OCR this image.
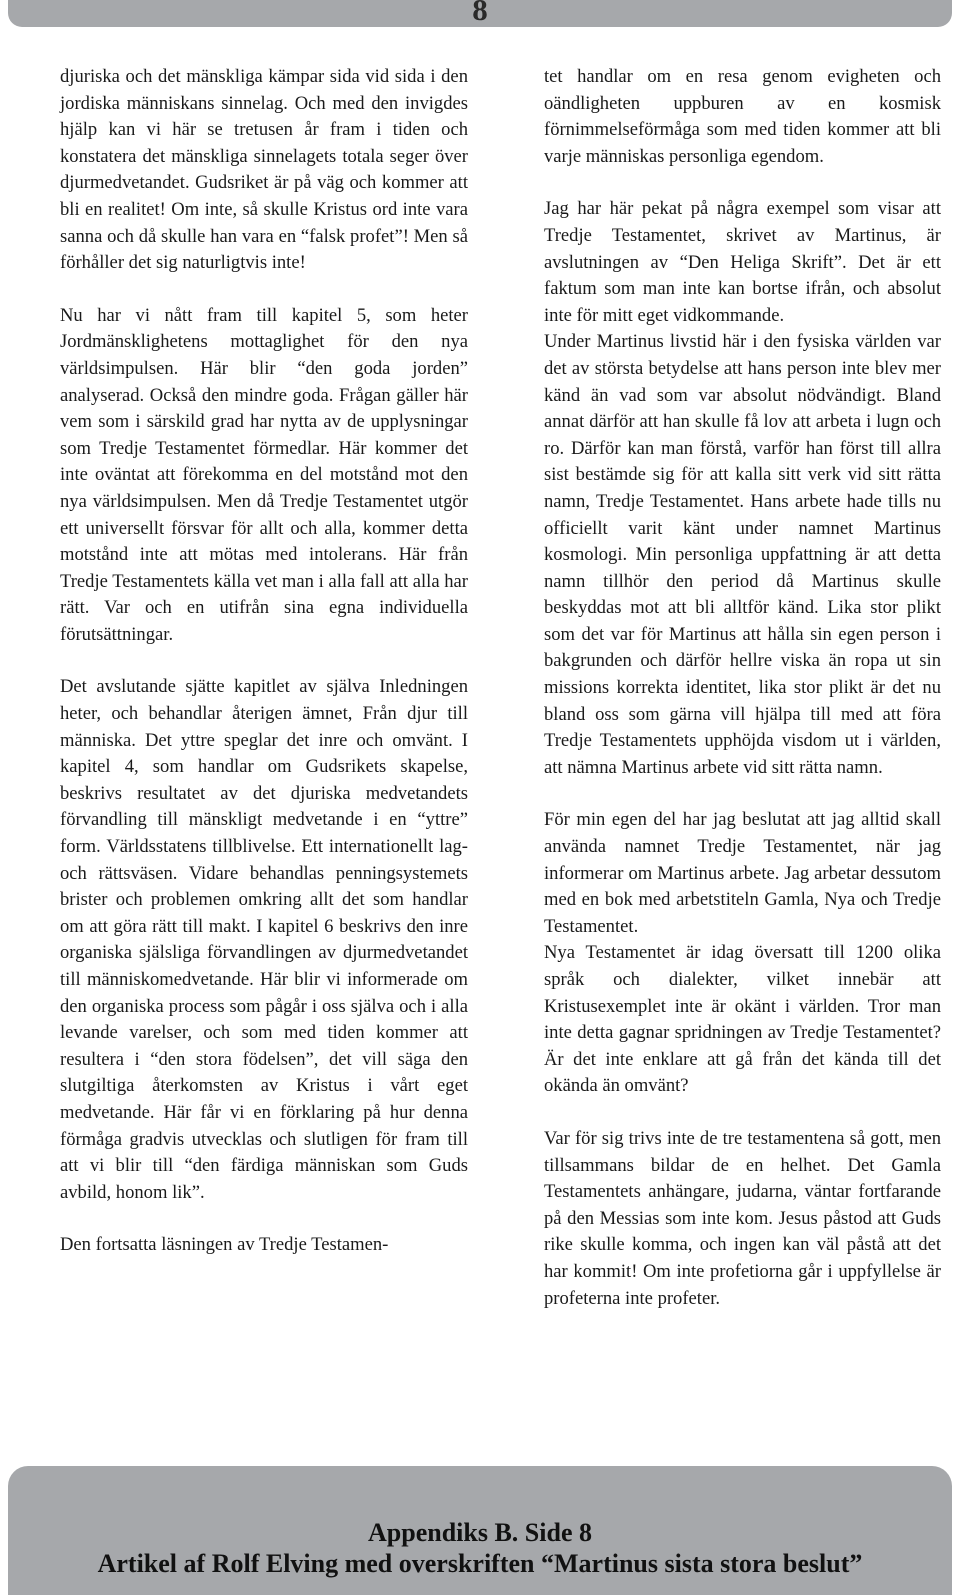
8

djuriska och det mänskliga kämpar sida vid sida i den jordiska människans sinnelag. Och med den invigdes hjälp kan vi här se tretusen år fram i tiden och konstatera det mänskliga sinnelagets totala seger över djurmedvetandet. Gudsriket är på väg och kommer att bli en realitet! Om inte, så skulle Kristus ord inte vara sanna och då skulle han vara en “falsk profet”! Men så förhåller det sig naturligtvis inte!

Nu har vi nått fram till kapitel 5, som heter Jordmänsklighetens mottaglighet för den nya världsimpulsen. Här blir “den goda jorden” analyserad. Också den mindre goda. Frågan gäller här vem som i särskild grad har nytta av de upplysningar som Tredje Testamentet förmedlar. Här kommer det inte oväntat att förekomma en del motstånd mot den nya världsimpulsen. Men då Tredje Testamentet utgör ett universellt försvar för allt och alla, kommer detta motstånd inte att mötas med intolerans. Här från Tredje Testamentets källa vet man i alla fall att alla har rätt. Var och en utifrån sina egna individuella förutsättningar.

Det avslutande sjätte kapitlet av själva Inledningen heter, och behandlar återigen ämnet, Från djur till människa. Det yttre speglar det inre och omvänt. I kapitel 4, som handlar om Gudsrikets skapelse, beskrivs resultatet av det djuriska medvetandets förvandling till mänskligt medvetande i en “yttre” form. Världsstatens tillblivelse. Ett internationellt lag- och rättsväsen. Vidare behandlas penningsystemets brister och problemen omkring allt det som handlar om att göra rätt till makt. I kapitel 6 beskrivs den inre organiska själsliga förvandlingen av djurmedvetandet till människomedvetande. Här blir vi informerade om den organiska process som pågår i oss själva och i alla levande varelser, och som med tiden kommer att resultera i “den stora födelsen”, det vill säga den slutgiltiga återkomsten av Kristus i vårt eget medvetande. Här får vi en förklaring på hur denna förmåga gradvis utvecklas och slutligen för fram till att vi blir till “den färdiga människan som Guds avbild, honom lik”.

Den fortsatta läsningen av Tredje Testamen-

tet handlar om en resa genom evigheten och oändligheten uppburen av en kosmisk förnimmelseförmåga som med tiden kommer att bli varje människas personliga egendom.

Jag har här pekat på några exempel som visar att Tredje Testamentet, skrivet av Martinus, är avslutningen av “Den Heliga Skrift”. Det är ett faktum som man inte kan bortse ifrån, och absolut inte för mitt eget vidkommande.

Under Martinus livstid här i den fysiska världen var det av största betydelse att hans person inte blev mer känd än vad som var absolut nödvändigt. Bland annat därför att han skulle få lov att arbeta i lugn och ro. Därför kan man förstå, varför han först till allra sist bestämde sig för att kalla sitt verk vid sitt rätta namn, Tredje Testamentet. Hans arbete hade tills nu officiellt varit känt under namnet Martinus kosmologi. Min personliga uppfattning är att detta namn tillhör den period då Martinus skulle beskyddas mot att bli alltför känd. Lika stor plikt som det var för Martinus att hålla sin egen person i bakgrunden och därför hellre viska än ropa ut sin missions korrekta identitet, lika stor plikt är det nu bland oss som gärna vill hjälpa till med att föra Tredje Testamentets upphöjda visdom ut i världen, att nämna Martinus arbete vid sitt rätta namn.

För min egen del har jag beslutat att jag alltid skall använda namnet Tredje Testamentet, när jag informerar om Martinus arbete. Jag arbetar dessutom med en bok med arbetstiteln Gamla, Nya och Tredje Testamentet.

Nya Testamentet är idag översatt till 1200 olika språk och dialekter, vilket innebär att Kristusexemplet inte är okänt i världen. Tror man inte detta gagnar spridningen av Tredje Testamentet? Är det inte enklare att gå från det kända till det okända än omvänt?

Var för sig trivs inte de tre testamentena så gott, men tillsammans bildar de en helhet. Det Gamla Testamentets anhängare, judarna, väntar fortfarande på den Messias som inte kom. Jesus påstod att Guds rike skulle komma, och ingen kan väl påstå att det har kommit! Om inte profetiorna går i uppfyllelse är profeterna inte profeter.

Appendiks B. Side 8
Artikel af Rolf Elving med overskriften “Martinus sista stora beslut”
